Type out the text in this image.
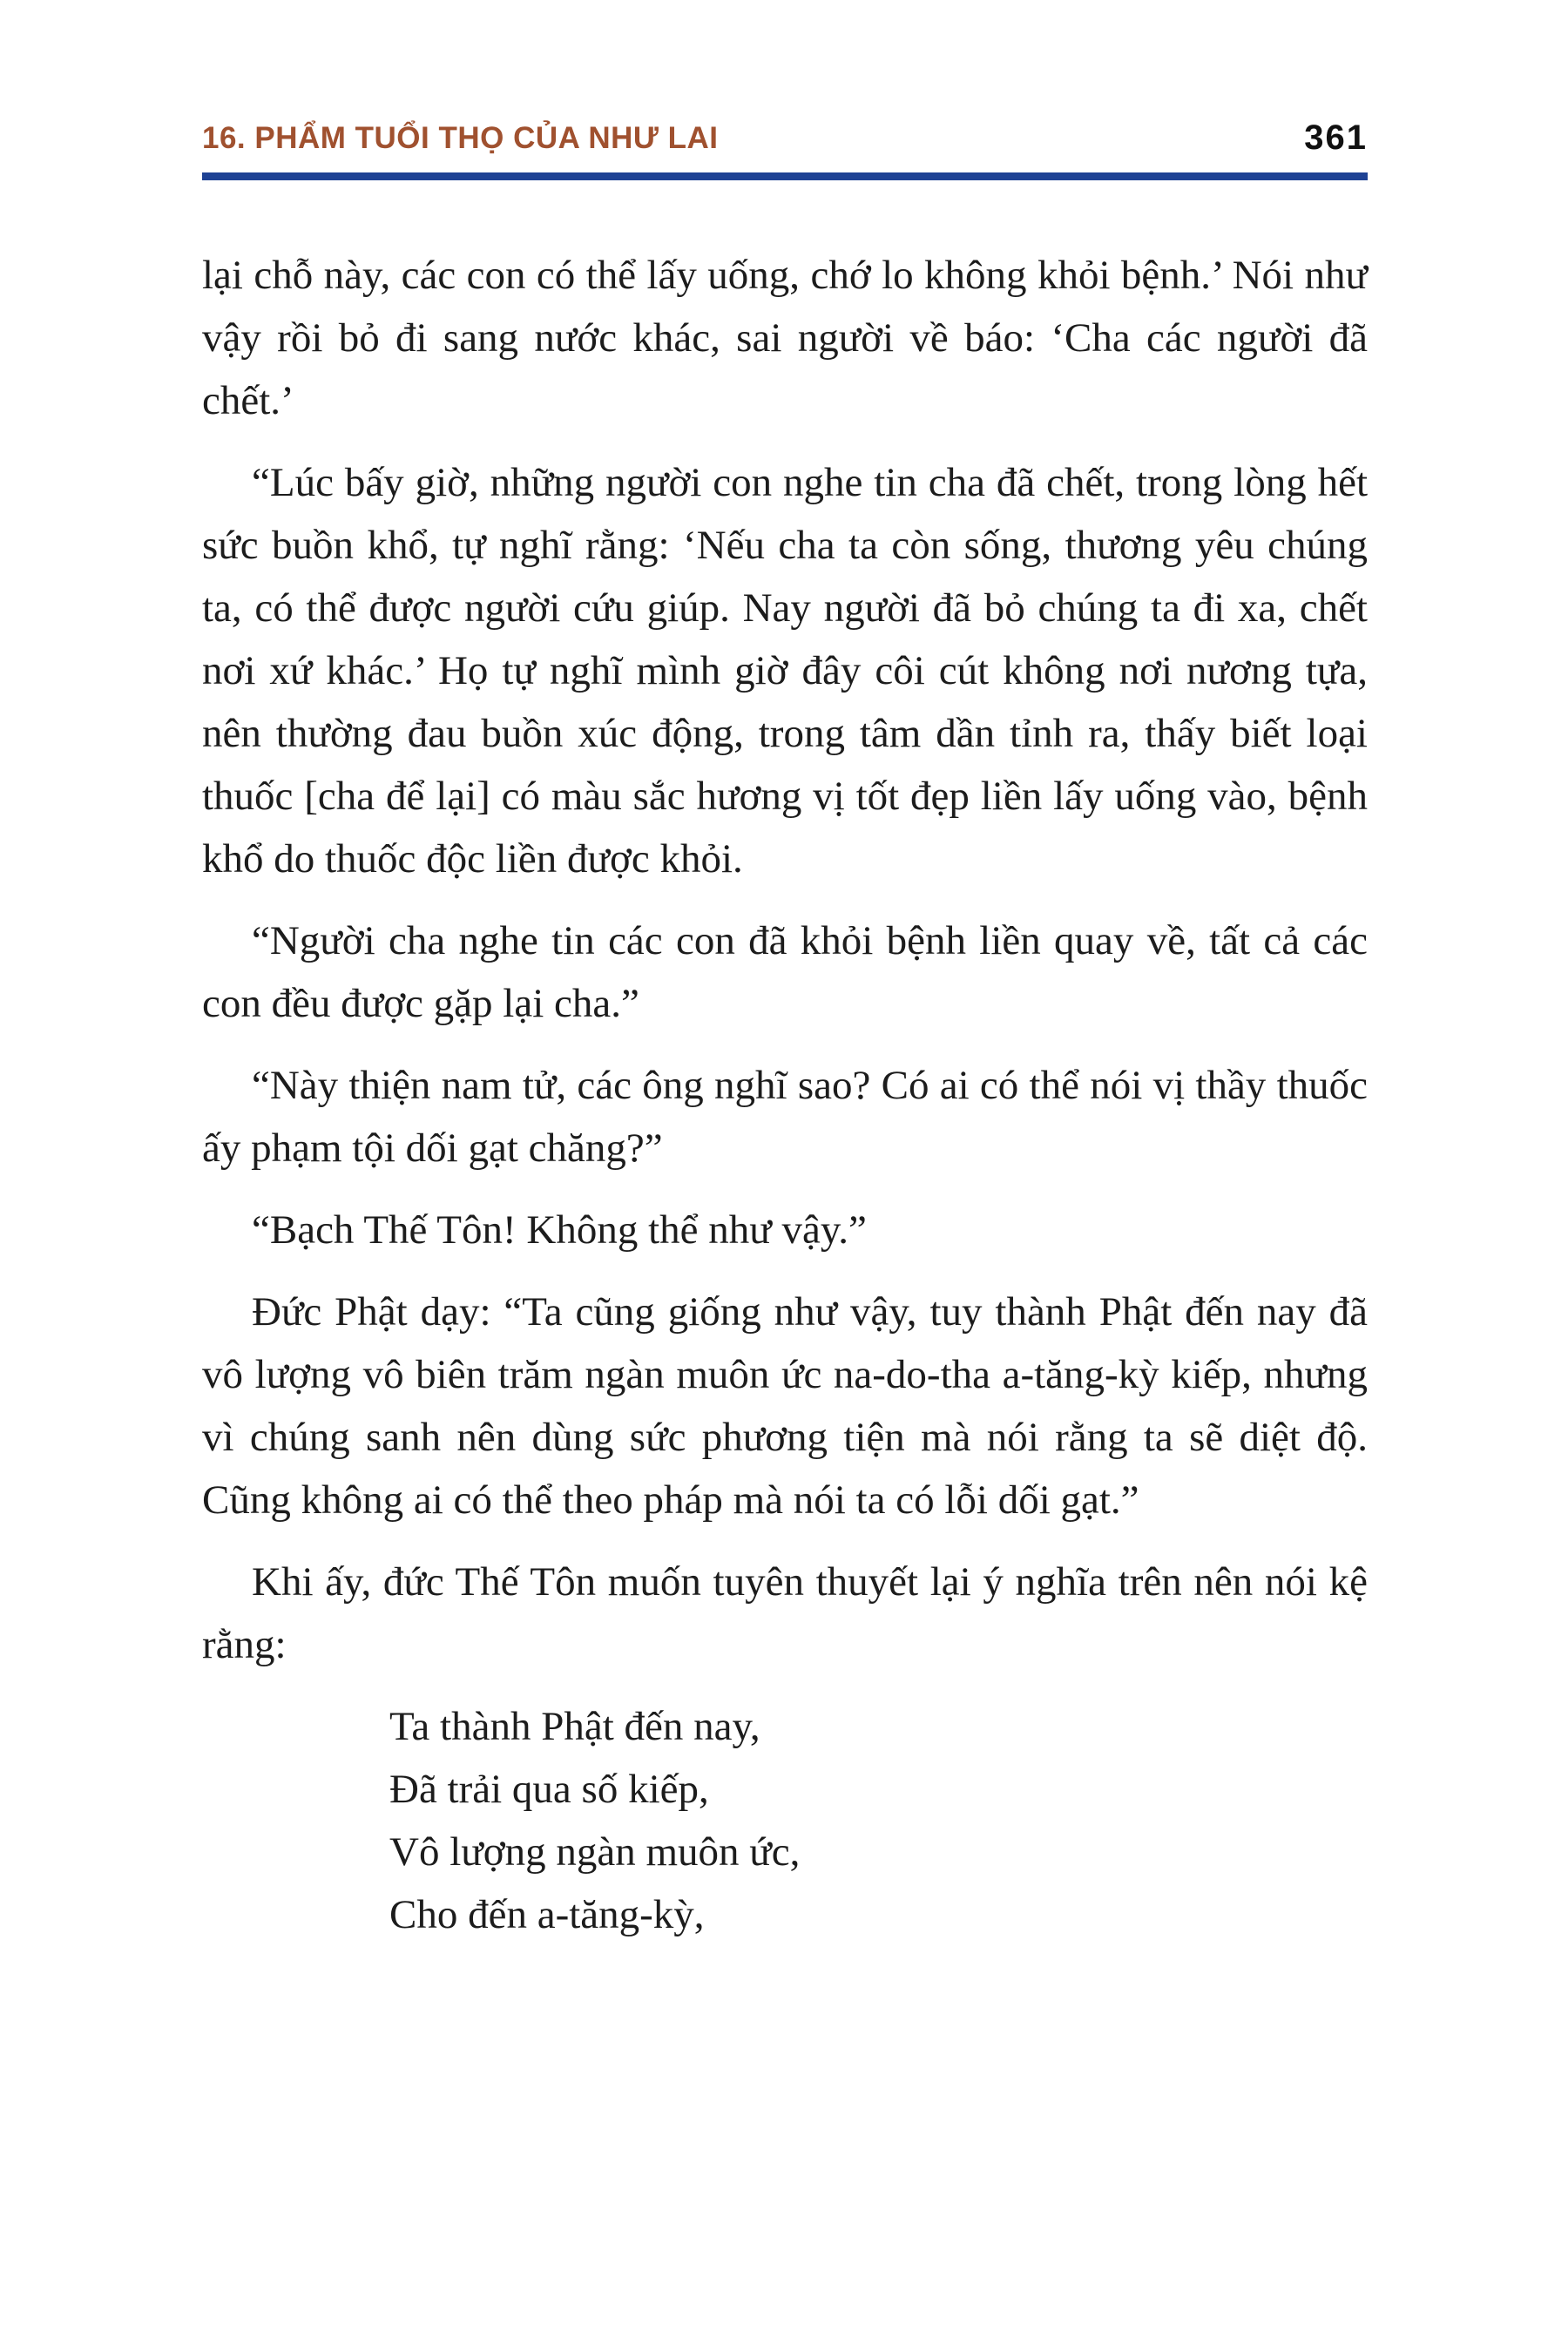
16. PHẨM TUỔI THỌ CỦA NHƯ LAI	361

lại chỗ này, các con có thể lấy uống, chớ lo không khỏi bệnh.’ Nói như vậy rồi bỏ đi sang nước khác, sai người về báo: ‘Cha các người đã chết.’

“Lúc bấy giờ, những người con nghe tin cha đã chết, trong lòng hết sức buồn khổ, tự nghĩ rằng: ‘Nếu cha ta còn sống, thương yêu chúng ta, có thể được người cứu giúp. Nay người đã bỏ chúng ta đi xa, chết nơi xứ khác.’ Họ tự nghĩ mình giờ đây côi cút không nơi nương tựa, nên thường đau buồn xúc động, trong tâm dần tỉnh ra, thấy biết loại thuốc [cha để lại] có màu sắc hương vị tốt đẹp liền lấy uống vào, bệnh khổ do thuốc độc liền được khỏi.

“Người cha nghe tin các con đã khỏi bệnh liền quay về, tất cả các con đều được gặp lại cha.”

“Này thiện nam tử, các ông nghĩ sao? Có ai có thể nói vị thầy thuốc ấy phạm tội dối gạt chăng?”

“Bạch Thế Tôn! Không thể như vậy.”

Đức Phật dạy: “Ta cũng giống như vậy, tuy thành Phật đến nay đã vô lượng vô biên trăm ngàn muôn ức na-do-tha a-tăng-kỳ kiếp, nhưng vì chúng sanh nên dùng sức phương tiện mà nói rằng ta sẽ diệt độ. Cũng không ai có thể theo pháp mà nói ta có lỗi dối gạt.”

Khi ấy, đức Thế Tôn muốn tuyên thuyết lại ý nghĩa trên nên nói kệ rằng:

Ta thành Phật đến nay,
Đã trải qua số kiếp,
Vô lượng ngàn muôn ức,
Cho đến a-tăng-kỳ,
